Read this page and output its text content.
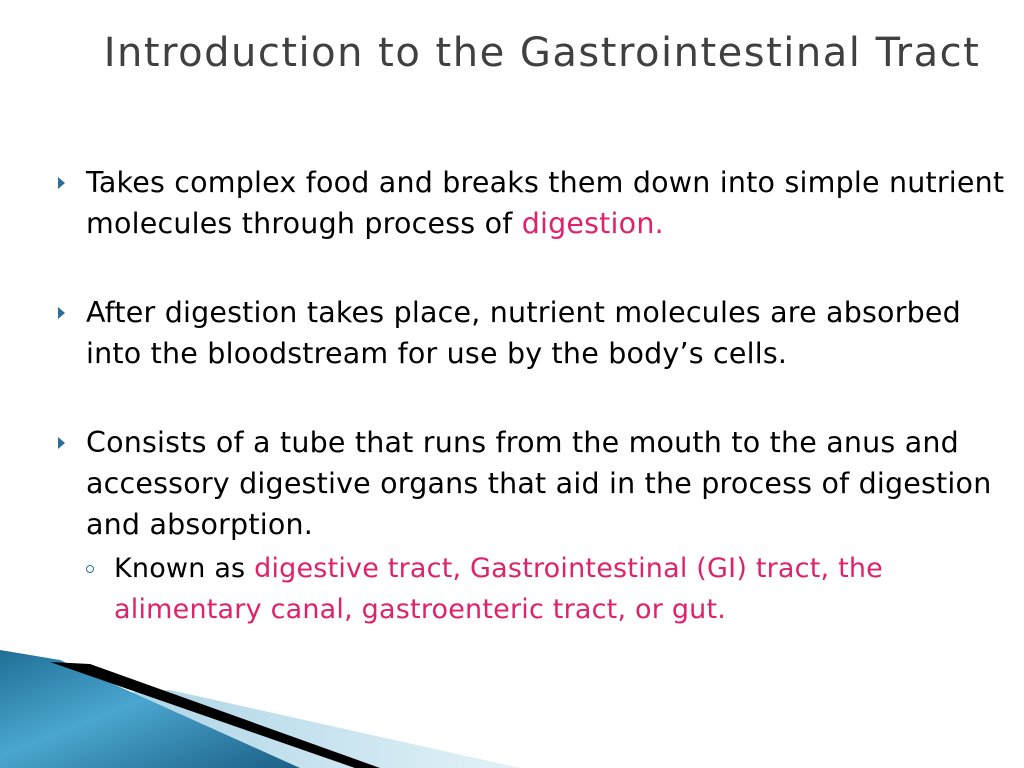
Introduction to the Gastrointestinal Tract
Takes complex food and breaks them down into simple nutrient molecules through process of digestion.
After digestion takes place, nutrient molecules are absorbed into the bloodstream for use by the body’s cells.
Consists of a tube that runs from the mouth to the anus and accessory digestive organs that aid in the process of digestion and absorption.
Known as digestive tract, Gastrointestinal (GI) tract, the alimentary canal, gastroenteric tract, or gut.
